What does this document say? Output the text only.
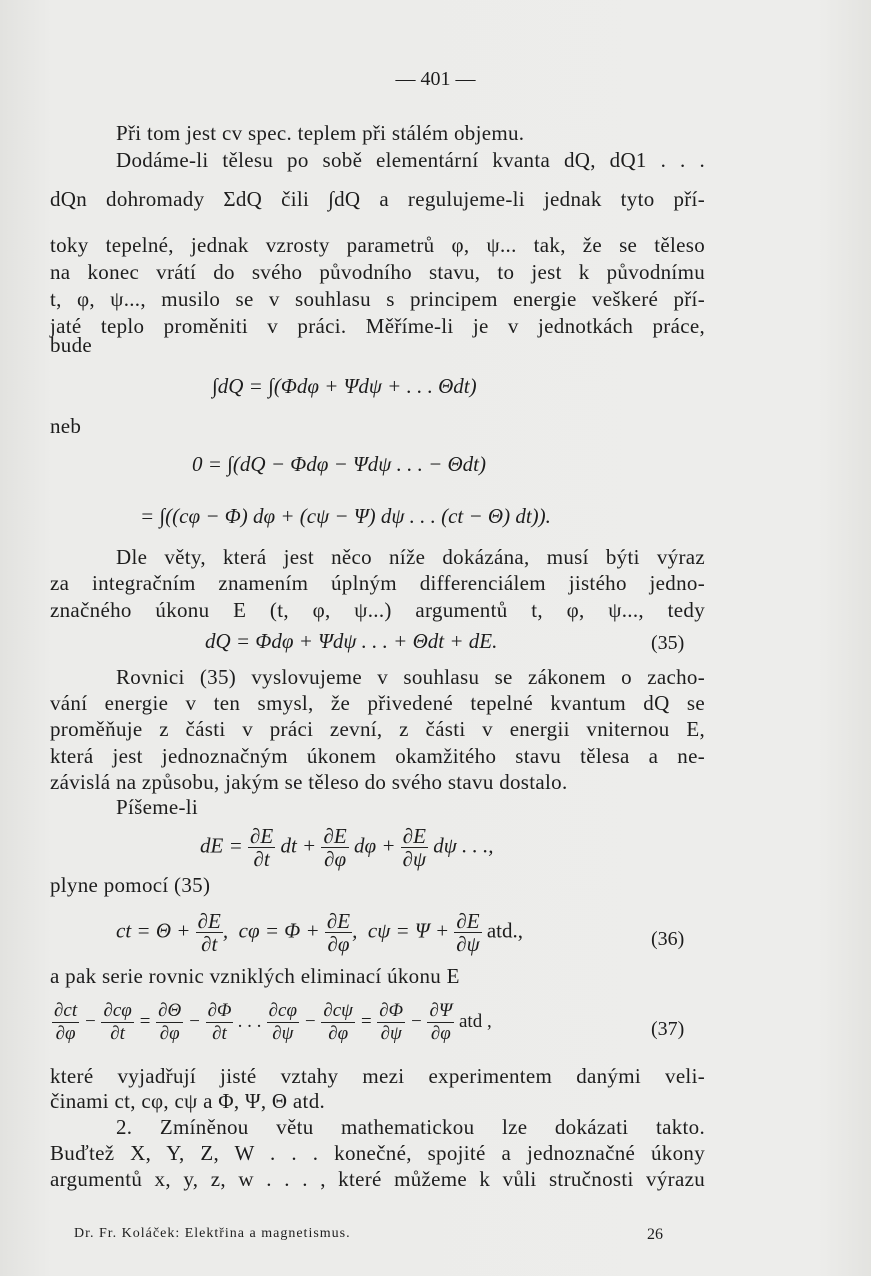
— 401 —
Při tom jest cv spec. teplem při stálém objemu.
Dodáme-li tělesu po sobě elementární kvanta dQ, dQ1 . . .
dQn dohromady ΣdQ čili ∫dQ a regulujeme-li jednak tyto pří-
toky tepelné, jednak vzrosty parametrů φ, ψ... tak, že se těleso
na konec vrátí do svého původního stavu, to jest k původnímu
t, φ, ψ..., musilo se v souhlasu s principem energie veškeré pří-
jaté teplo proměniti v práci. Měříme-li je v jednotkách práce,
bude
∫dQ = ∫(Φdφ + Ψdψ + . . . Θdt)
neb
0 = ∫(dQ − Φdφ − Ψdψ . . . − Θdt)
= ∫((cφ − Φ) dφ + (cψ − Ψ) dψ . . . (ct − Θ) dt)).
Dle věty, která jest něco níže dokázána, musí býti výraz
za integračním znamením úplným differenciálem jistého jedno-
značného úkonu E (t, φ, ψ...) argumentů t, φ, ψ..., tedy
dQ = Φdφ + Ψdψ . . . + Θdt + dE.	(35)
Rovnici (35) vyslovujeme v souhlasu se zákonem o zacho-
vání energie v ten smysl, že přivedené tepelné kvantum dQ se
proměňuje z části v práci zevní, z části v energii vniternou E,
která jest jednoznačným úkonem okamžitého stavu tělesa a ne-
závislá na způsobu, jakým se těleso do svého stavu dostalo.
Píšeme-li
dE = $\frac{\partial E}{\partial t}$ dt + $\frac{\partial E}{\partial\varphi}$ $d\varphi + \frac{\partial E}{\partial\psi}$ dψ . . .,
plyne pomocí (35)
ct = $\Theta + \frac{\partial E}{\partial t}$ , $c\varphi = \Phi + \frac{\partial E}{\partial\varphi}$ , $c\psi = \Psi + \frac{\partial E}{\partial\psi}$ atd.,	(36)
a pak serie rovnic vzniklých eliminací úkonu E
$\frac{\partial ct}{\partial\varphi} - \frac{\partial c\varphi}{\partial t} = \frac{\partial\Theta}{\partial\varphi} - \frac{\partial\Phi}{\partial t}$ . . . $\frac{\partial c\varphi}{\partial\psi} - \frac{\partial c\psi}{\partial\varphi} = \frac{\partial\Phi}{\partial\psi} - \frac{\partial\Psi}{\partial\varphi}$ atd ,	(37)
které vyjadřují jisté vztahy mezi experimentem danými veli-
činami ct, cφ, cψ a Φ, Ψ, Θ atd.
2. Zmíněnou větu mathematickou lze dokázati takto.
Buďtež X, Y, Z, W . . . konečné, spojité a jednoznačné úkony
argumentů x, y, z, w . . . , které můžeme k vůli stručnosti výrazu
Dr. Fr. Koláček: Elektřina a magnetismus.	26
